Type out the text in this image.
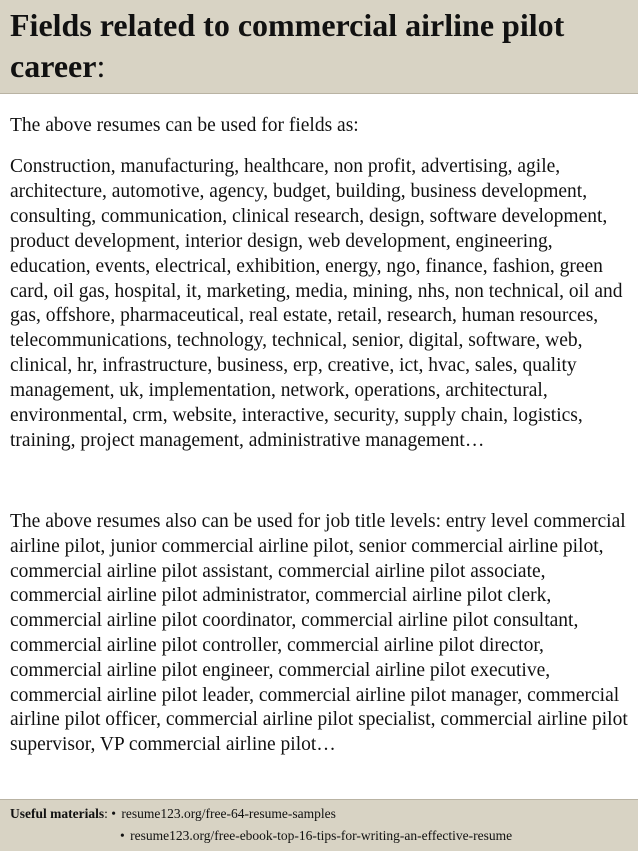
Fields related to commercial airline pilot career:

The above resumes can be used for fields as:

Construction, manufacturing, healthcare, non profit, advertising, agile, architecture, automotive, agency, budget, building, business development, consulting, communication, clinical research, design, software development, product development, interior design, web development, engineering, education, events, electrical, exhibition, energy, ngo, finance, fashion, green card, oil gas, hospital, it, marketing, media, mining, nhs, non technical, oil and gas, offshore, pharmaceutical, real estate, retail, research, human resources, telecommunications, technology, technical, senior, digital, software, web, clinical, hr, infrastructure, business, erp, creative, ict, hvac, sales, quality management, uk, implementation, network, operations, architectural, environmental, crm, website, interactive, security, supply chain, logistics, training, project management, administrative management…

The above resumes also can be used for job title levels: entry level commercial airline pilot, junior commercial airline pilot, senior commercial airline pilot, commercial airline pilot assistant, commercial airline pilot associate, commercial airline pilot administrator, commercial airline pilot clerk, commercial airline pilot coordinator, commercial airline pilot consultant, commercial airline pilot controller, commercial airline pilot director, commercial airline pilot engineer, commercial airline pilot executive, commercial airline pilot leader, commercial airline pilot manager, commercial airline pilot officer, commercial airline pilot specialist, commercial airline pilot supervisor, VP commercial airline pilot…

Useful materials: • resume123.org/free-64-resume-samples
• resume123.org/free-ebook-top-16-tips-for-writing-an-effective-resume
